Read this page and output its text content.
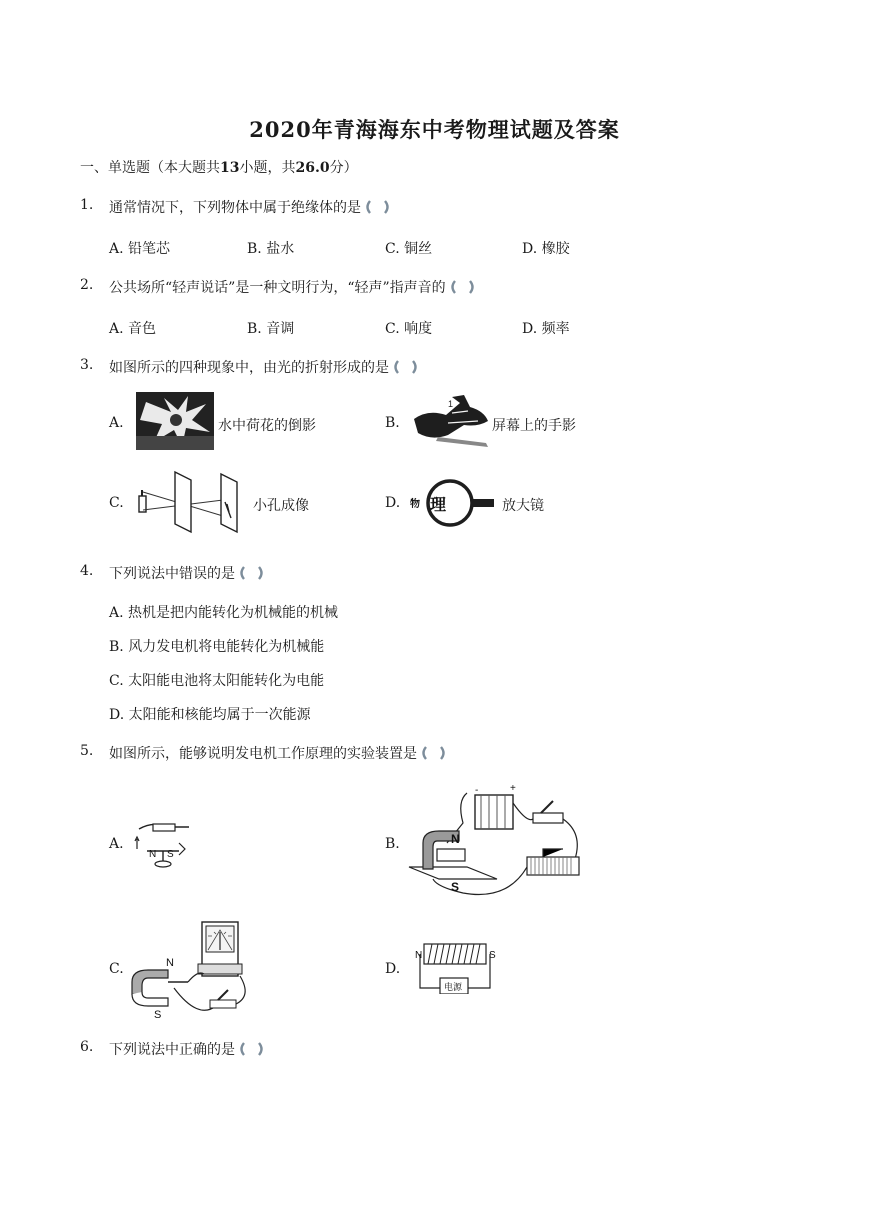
2020年青海海东中考物理试题及答案
一、单选题（本大题共13小题，共26.0分）
1. 通常情况下，下列物体中属于绝缘体的是
A. 铅笔芯	B. 盐水	C. 铜丝	D. 橡胶
2. 公共场所“轻声说话”是一种文明行为，“轻声”指声音的
A. 音色	B. 音调	C. 响度	D. 频率
3. 如图所示的四种现象中，由光的折射形成的是
A.	水中荷花的倒影	B.
1
屏幕上的手影
C.	小孔成像	D. 物 理	放大镜
4. 下列说法中错误的是
A. 热机是把内能转化为机械能的机械
B. 风力发电机将电能转化为机械能
C. 太阳能电池将太阳能转化为电能
D. 太阳能和核能均属于一次能源
5. 如图所示，能够说明发电机工作原理的实验装置是
A.
N S
B.
-	+
N
S
C.	N
S
D.
N	S
电源
6. 下列说法中正确的是
